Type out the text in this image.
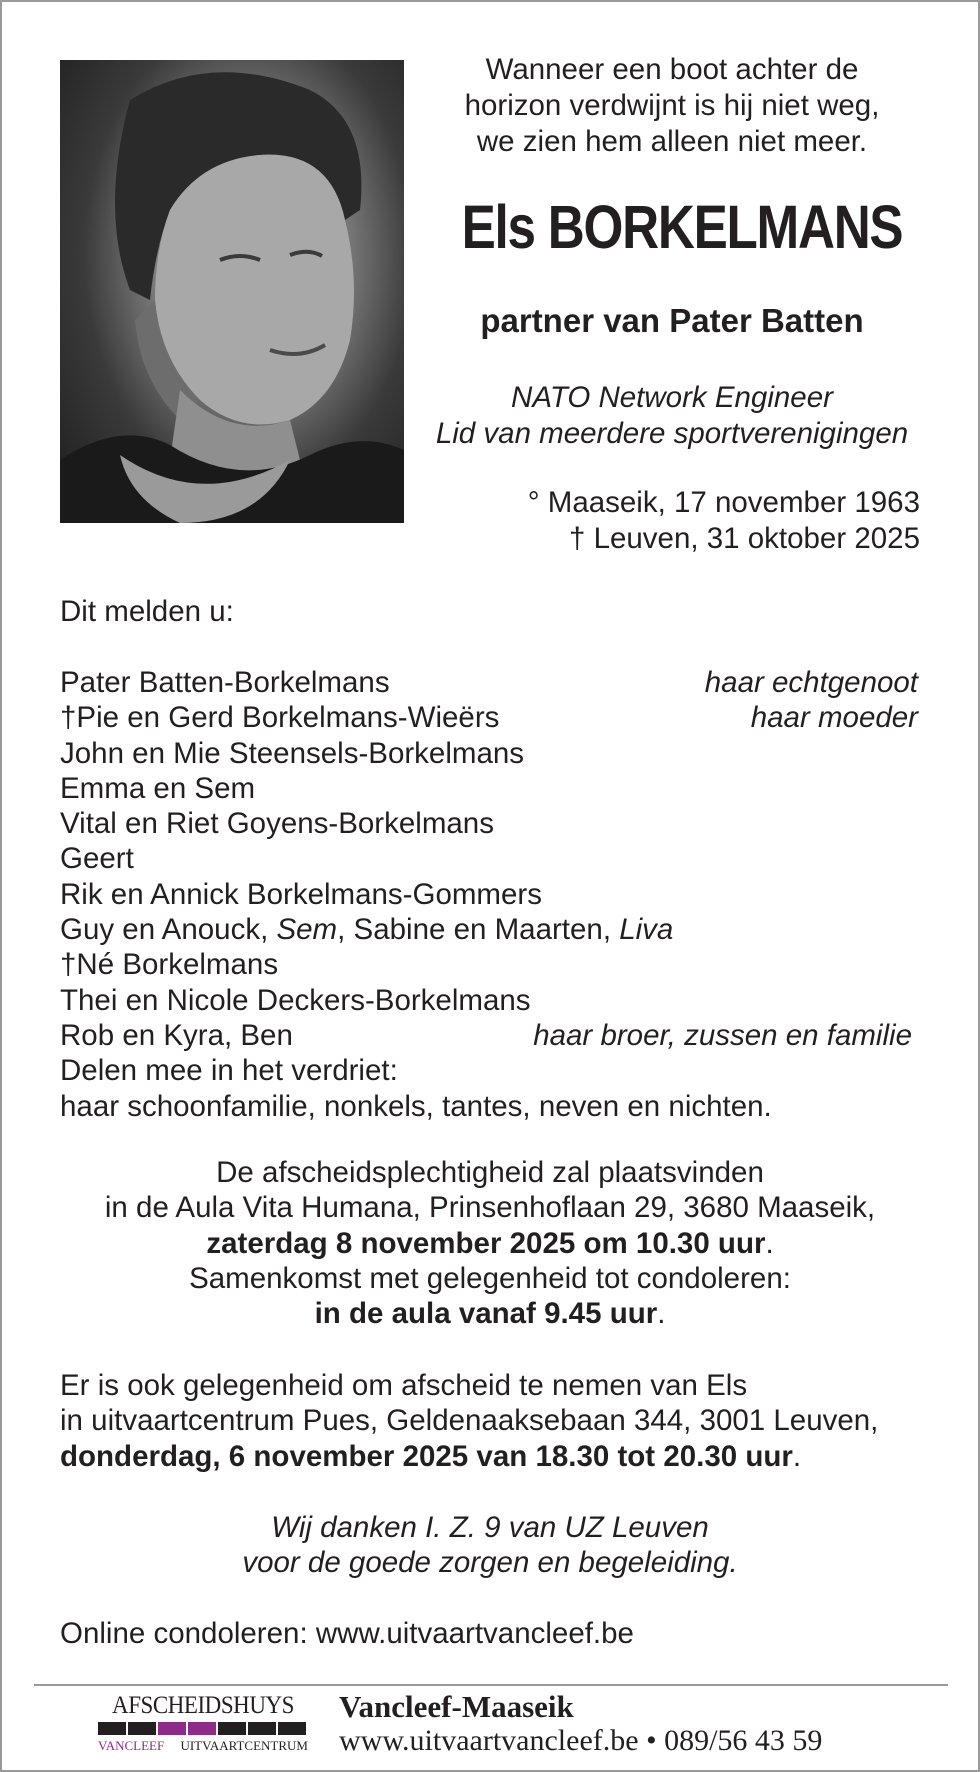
Wanneer een boot achter de
horizon verdwijnt is hij niet weg,
we zien hem alleen niet meer.
Els BORKELMANS
partner van Pater Batten
NATO Network Engineer
Lid van meerdere sportverenigingen
° Maaseik, 17 november 1963
† Leuven, 31 oktober 2025
Dit melden u:
Pater Batten-Borkelmans	haar echtgenoot
†Pie en Gerd Borkelmans-Wieërs	haar moeder
John en Mie Steensels-Borkelmans
Emma en Sem
Vital en Riet Goyens-Borkelmans
Geert
Rik en Annick Borkelmans-Gommers
Guy en Anouck, Sem, Sabine en Maarten, Liva
†Né Borkelmans
Thei en Nicole Deckers-Borkelmans
Rob en Kyra, Ben	haar broer, zussen en familie
Delen mee in het verdriet:
haar schoonfamilie, nonkels, tantes, neven en nichten.
De afscheidsplechtigheid zal plaatsvinden
in de Aula Vita Humana, Prinsenhoflaan 29, 3680 Maaseik,
zaterdag 8 november 2025 om 10.30 uur.
Samenkomst met gelegenheid tot condoleren:
in de aula vanaf 9.45 uur.
Er is ook gelegenheid om afscheid te nemen van Els
in uitvaartcentrum Pues, Geldenaaksebaan 344, 3001 Leuven,
donderdag, 6 november 2025 van 18.30 tot 20.30 uur.
Wij danken I. Z. 9 van UZ Leuven
voor de goede zorgen en begeleiding.
Online condoleren: www.uitvaartvancleef.be
AFSCHEIDSHUYS
VANCLEEF UITVAARTCENTRUM
Vancleef-Maaseik
www.uitvaartvancleef.be • 089/56 43 59
